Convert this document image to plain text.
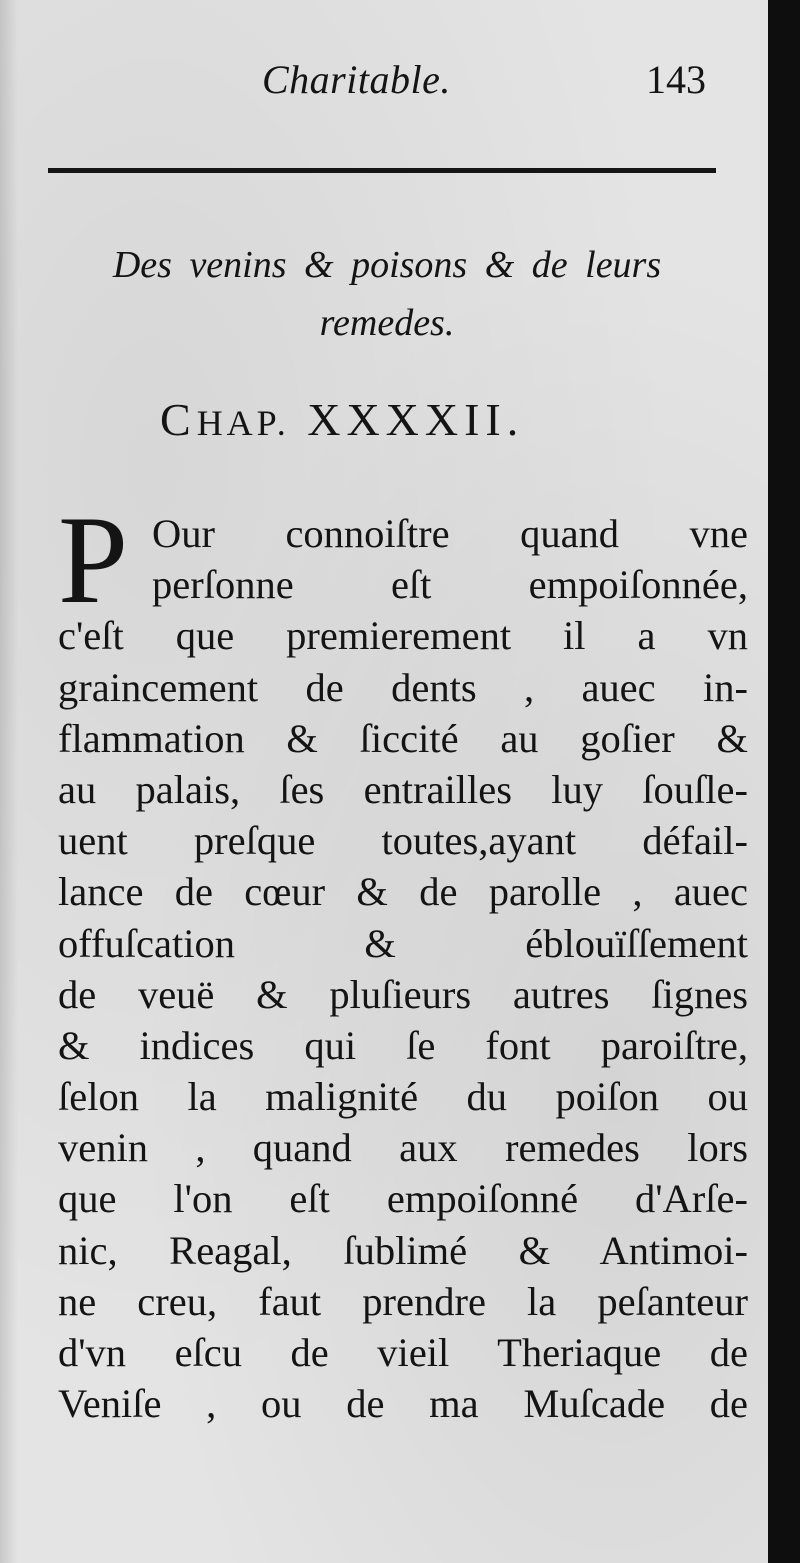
Charitable.	143
Des venins & poisons & de leurs
remedes.
CHAP. XXXXII.
P Our connoiſtre quand vne
perſonne eſt empoiſonnée,
c'eſt que premierement il a vn
graincement de dents , auec in-
flammation & ſiccité au goſier &
au palais, ſes entrailles luy ſouſle-
uent preſque toutes,ayant défail-
lance de cœur & de parolle , auec
offuſcation & éblouïſſement
de veuë & pluſieurs autres ſignes
& indices qui ſe font paroiſtre,
ſelon la malignité du poiſon ou
venin , quand aux remedes lors
que l'on eſt empoiſonné d'Arſe-
nic, Reagal, ſublimé & Antimoi-
ne creu, faut prendre la peſanteur
d'vn eſcu de vieil Theriaque de
Veniſe , ou de ma Muſcade de
